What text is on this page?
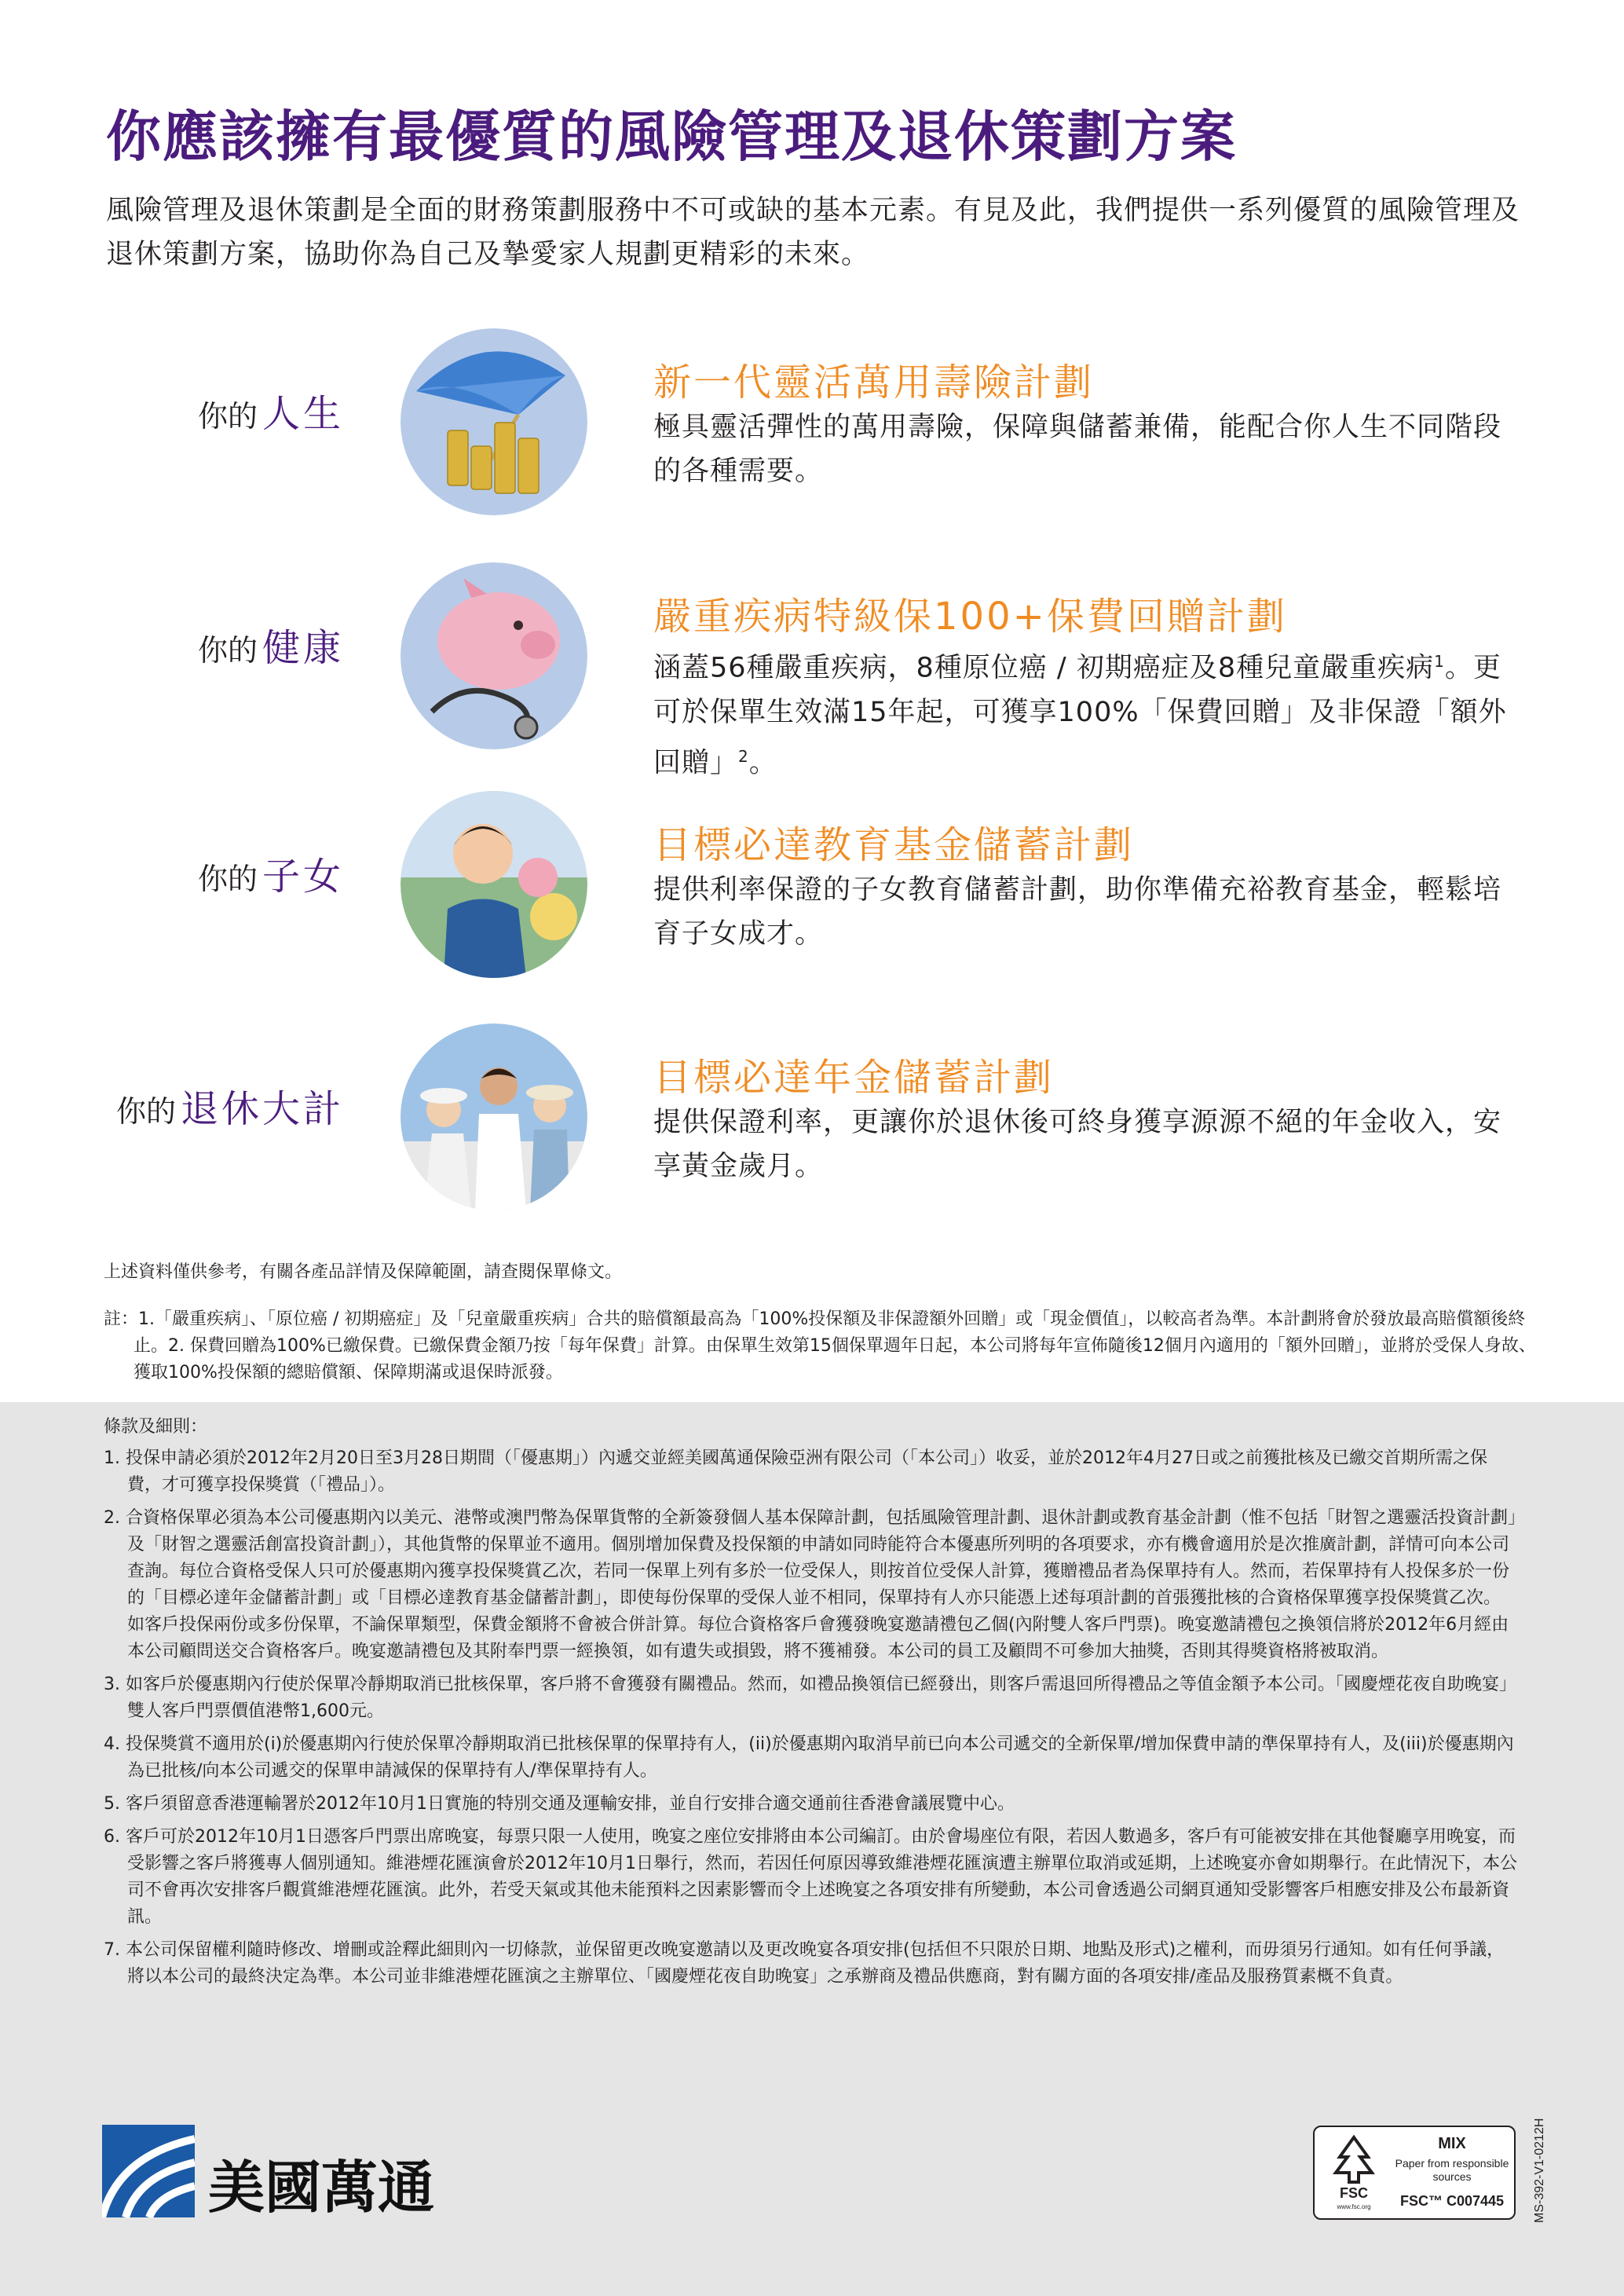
你應該擁有最優質的風險管理及退休策劃方案
風險管理及退休策劃是全面的財務策劃服務中不可或缺的基本元素。有見及此，我們提供一系列優質的風險管理及退休策劃方案，協助你為自己及摯愛家人規劃更精彩的未來。
你的 人生
新一代靈活萬用壽險計劃
極具靈活彈性的萬用壽險，保障與儲蓄兼備，能配合你人生不同階段的各種需要。
你的 健康
嚴重疾病特級保100+保費回贈計劃
涵蓋56種嚴重疾病，8種原位癌 / 初期癌症及8種兒童嚴重疾病$^1$。更可於保單生效滿15年起，可獲享100%「保費回贈」及非保證「額外回贈」$^2$。
你的 子女
目標必達教育基金儲蓄計劃
提供利率保證的子女教育儲蓄計劃，助你準備充裕教育基金，輕鬆培育子女成才。
你的 退休大計
目標必達年金儲蓄計劃
提供保證利率，更讓你於退休後可終身獲享源源不絕的年金收入，安享黃金歲月。
上述資料僅供參考，有關各產品詳情及保障範圍，請查閱保單條文。
註：1.「嚴重疾病」、「原位癌 / 初期癌症」及「兒童嚴重疾病」合共的賠償額最高為「100%投保額及非保證額外回贈」或「現金價值」，以較高者為準。本計劃將會於發放最高賠償額後終止。2. 保費回贈為100%已繳保費。已繳保費金額乃按「每年保費」計算。由保單生效第15個保單週年日起，本公司將每年宣佈隨後12個月內適用的「額外回贈」，並將於受保人身故、獲取100%投保額的總賠償額、保障期滿或退保時派發。
條款及細則：
1. 投保申請必須於2012年2月20日至3月28日期間（「優惠期」）內遞交並經美國萬通保險亞洲有限公司（「本公司」）收妥，並於2012年4月27日或之前獲批核及已繳交首期所需之保費，才可獲享投保獎賞（「禮品」）。
2. 合資格保單必須為本公司優惠期內以美元、港幣或澳門幣為保單貨幣的全新簽發個人基本保障計劃，包括風險管理計劃、退休計劃或教育基金計劃（惟不包括「財智之選靈活投資計劃」及「財智之選靈活創富投資計劃」），其他貨幣的保單並不適用。個別增加保費及投保額的申請如同時能符合本優惠所列明的各項要求，亦有機會適用於是次推廣計劃，詳情可向本公司查詢。每位合資格受保人只可於優惠期內獲享投保獎賞乙次，若同一保單上列有多於一位受保人，則按首位受保人計算，獲贈禮品者為保單持有人。然而，若保單持有人投保多於一份的「目標必達年金儲蓄計劃」或「目標必達教育基金儲蓄計劃」，即使每份保單的受保人並不相同，保單持有人亦只能憑上述每項計劃的首張獲批核的合資格保單獲享投保獎賞乙次。如客戶投保兩份或多份保單，不論保單類型，保費金額將不會被合併計算。每位合資格客戶會獲發晚宴邀請禮包乙個(內附雙人客戶門票)。晚宴邀請禮包之換領信將於2012年6月經由本公司顧問送交合資格客戶。晚宴邀請禮包及其附奉門票一經換領，如有遺失或損毀，將不獲補發。本公司的員工及顧問不可參加大抽獎，否則其得獎資格將被取消。
3. 如客戶於優惠期內行使於保單冷靜期取消已批核保單，客戶將不會獲發有關禮品。然而，如禮品換領信已經發出，則客戶需退回所得禮品之等值金額予本公司。「國慶煙花夜自助晚宴」雙人客戶門票價值港幣1,600元。
4. 投保獎賞不適用於(i)於優惠期內行使於保單冷靜期取消已批核保單的保單持有人，(ii)於優惠期內取消早前已向本公司遞交的全新保單/增加保費申請的準保單持有人，及(iii)於優惠期內為已批核/向本公司遞交的保單申請減保的保單持有人/準保單持有人。
5. 客戶須留意香港運輸署於2012年10月1日實施的特別交通及運輸安排，並自行安排合適交通前往香港會議展覽中心。
6. 客戶可於2012年10月1日憑客戶門票出席晚宴，每票只限一人使用，晚宴之座位安排將由本公司編訂。由於會場座位有限，若因人數過多，客戶有可能被安排在其他餐廳享用晚宴，而受影響之客戶將獲專人個別通知。維港煙花匯演會於2012年10月1日舉行，然而，若因任何原因導致維港煙花匯演遭主辦單位取消或延期，上述晚宴亦會如期舉行。在此情況下，本公司不會再次安排客戶觀賞維港煙花匯演。此外，若受天氣或其他未能預料之因素影響而令上述晚宴之各項安排有所變動，本公司會透過公司網頁通知受影響客戶相應安排及公布最新資訊。
7. 本公司保留權利隨時修改、增刪或詮釋此細則內一切條款，並保留更改晚宴邀請以及更改晚宴各項安排(包括但不只限於日期、地點及形式)之權利，而毋須另行通知。如有任何爭議，將以本公司的最終決定為準。本公司並非維港煙花匯演之主辦單位、「國慶煙花夜自助晚宴」之承辦商及禮品供應商，對有關方面的各項安排/產品及服務質素概不負責。
美國萬通	FSC
www.fsc.org
MIX
Paper from responsible sources
FSC™ C007445	MS-392-V1-0212H
